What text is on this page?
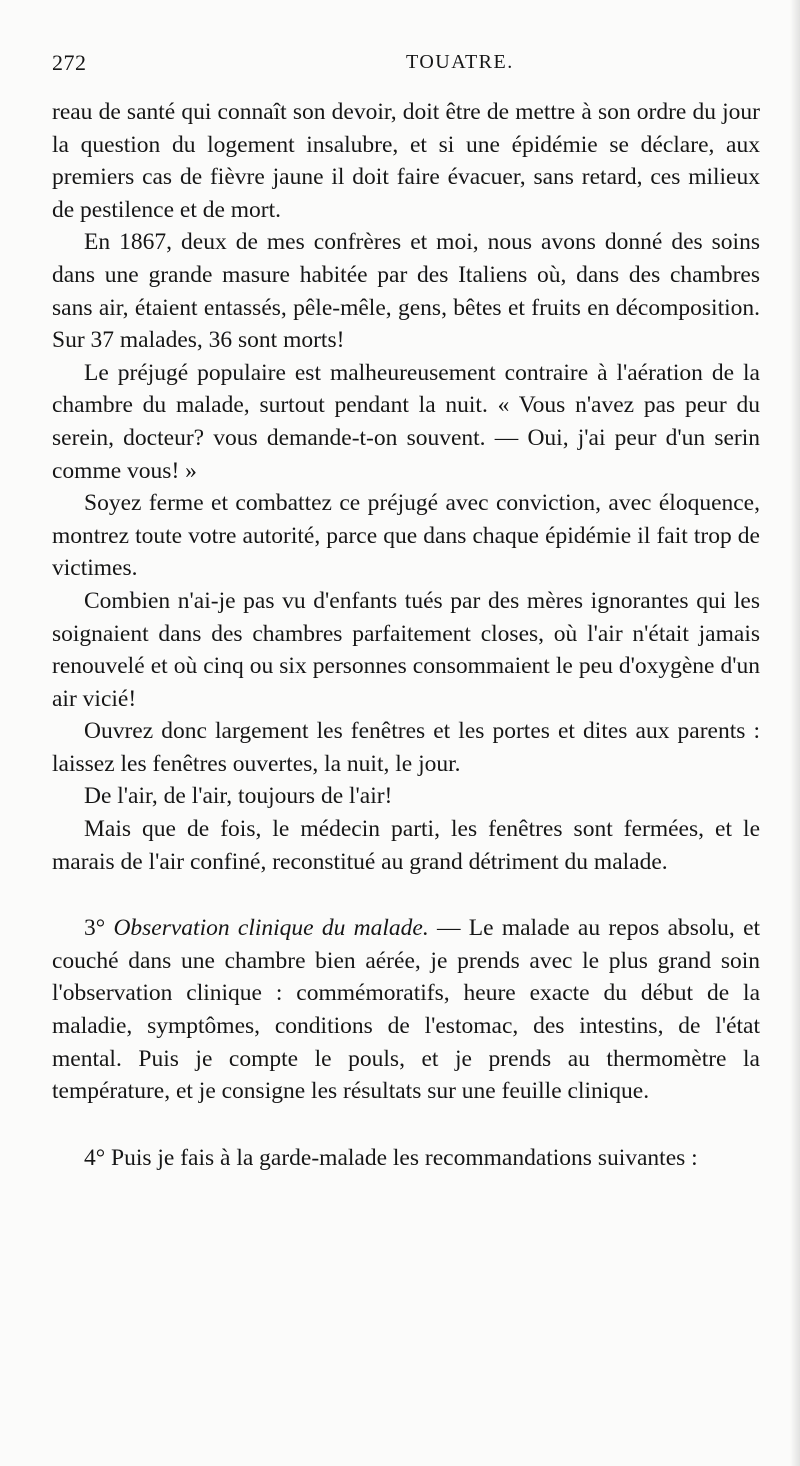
272	TOUATRE.

reau de santé qui connaît son devoir, doit être de mettre à son ordre du jour la question du logement insalubre, et si une épidémie se déclare, aux premiers cas de fièvre jaune il doit faire évacuer, sans retard, ces milieux de pestilence et de mort.

En 1867, deux de mes confrères et moi, nous avons donné des soins dans une grande masure habitée par des Italiens où, dans des chambres sans air, étaient entassés, pêle-mêle, gens, bêtes et fruits en décomposition. Sur 37 malades, 36 sont morts!

Le préjugé populaire est malheureusement contraire à l'aération de la chambre du malade, surtout pendant la nuit. « Vous n'avez pas peur du serein, docteur? vous demande-t-on souvent. — Oui, j'ai peur d'un serin comme vous! »

Soyez ferme et combattez ce préjugé avec conviction, avec éloquence, montrez toute votre autorité, parce que dans chaque épidémie il fait trop de victimes.

Combien n'ai-je pas vu d'enfants tués par des mères ignorantes qui les soignaient dans des chambres parfaitement closes, où l'air n'était jamais renouvelé et où cinq ou six personnes consommaient le peu d'oxygène d'un air vicié!

Ouvrez donc largement les fenêtres et les portes et dites aux parents : laissez les fenêtres ouvertes, la nuit, le jour.

De l'air, de l'air, toujours de l'air!

Mais que de fois, le médecin parti, les fenêtres sont fermées, et le marais de l'air confiné, reconstitué au grand détriment du malade.

3° Observation clinique du malade. — Le malade au repos absolu, et couché dans une chambre bien aérée, je prends avec le plus grand soin l'observation clinique : commémoratifs, heure exacte du début de la maladie, symptômes, conditions de l'estomac, des intestins, de l'état mental. Puis je compte le pouls, et je prends au thermomètre la température, et je consigne les résultats sur une feuille clinique.

4° Puis je fais à la garde-malade les recommandations suivantes :
